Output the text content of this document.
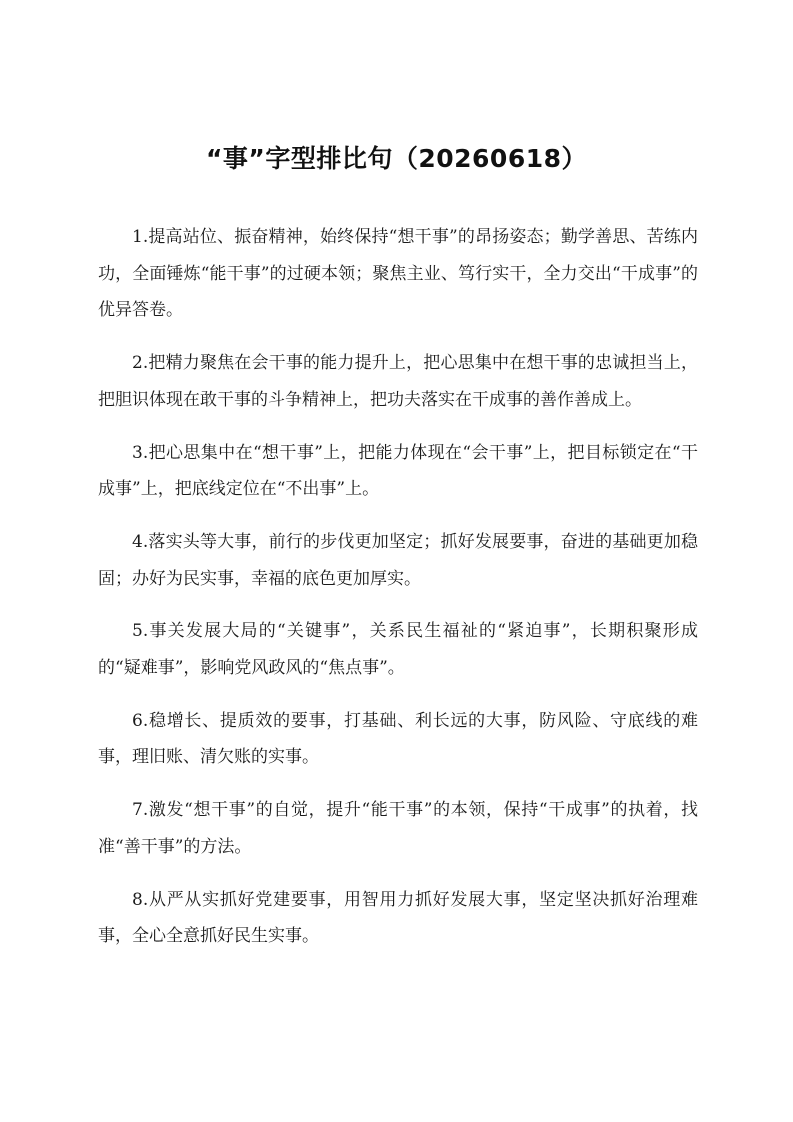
“事”字型排比句（20260618）

1.提高站位、振奋精神，始终保持“想干事”的昂扬姿态；勤学善思、苦练内功，全面锤炼“能干事”的过硬本领；聚焦主业、笃行实干，全力交出“干成事”的优异答卷。

2.把精力聚焦在会干事的能力提升上，把心思集中在想干事的忠诚担当上，把胆识体现在敢干事的斗争精神上，把功夫落实在干成事的善作善成上。

3.把心思集中在“想干事”上，把能力体现在“会干事”上，把目标锁定在“干成事”上，把底线定位在“不出事”上。

4.落实头等大事，前行的步伐更加坚定；抓好发展要事，奋进的基础更加稳固；办好为民实事，幸福的底色更加厚实。

5.事关发展大局的“关键事”，关系民生福祉的“紧迫事”，长期积聚形成的“疑难事”，影响党风政风的“焦点事”。

6.稳增长、提质效的要事，打基础、利长远的大事，防风险、守底线的难事，理旧账、清欠账的实事。

7.激发“想干事”的自觉，提升“能干事”的本领，保持“干成事”的执着，找准“善干事”的方法。

8.从严从实抓好党建要事，用智用力抓好发展大事，坚定坚决抓好治理难事，全心全意抓好民生实事。
